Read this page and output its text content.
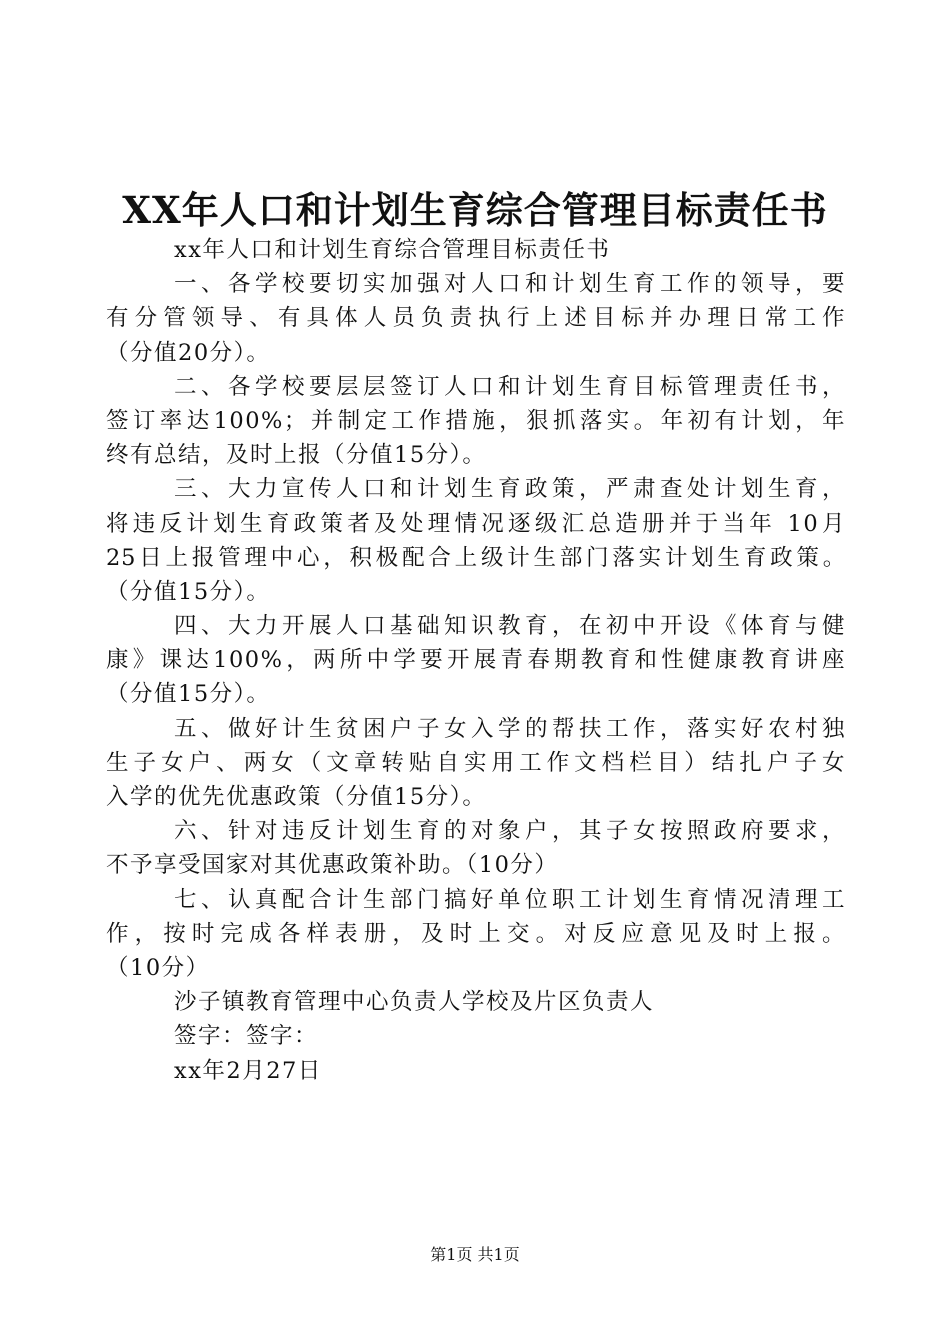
XX年人口和计划生育综合管理目标责任书
xx年人口和计划生育综合管理目标责任书
一、各学校要切实加强对人口和计划生育工作的领导，要
有分管领导、有具体人员负责执行上述目标并办理日常工作
（分值20分）。
二、各学校要层层签订人口和计划生育目标管理责任书，
签订率达100%；并制定工作措施，狠抓落实。年初有计划，年
终有总结，及时上报（分值15分）。
三、大力宣传人口和计划生育政策，严肃查处计划生育，
将违反计划生育政策者及处理情况逐级汇总造册并于当年 10月
25日上报管理中心，积极配合上级计生部门落实计划生育政策。
（分值15分）。
四、大力开展人口基础知识教育，在初中开设《体育与健
康》课达100%，两所中学要开展青春期教育和性健康教育讲座
（分值15分）。
五、做好计生贫困户子女入学的帮扶工作，落实好农村独
生子女户、两女（文章转贴自实用工作文档栏目）结扎户子女
入学的优先优惠政策（分值15分）。
六、针对违反计划生育的对象户，其子女按照政府要求，
不予享受国家对其优惠政策补助。（10分）
七、认真配合计生部门搞好单位职工计划生育情况清理工
作，按时完成各样表册，及时上交。对反应意见及时上报。
（10分）
沙子镇教育管理中心负责人学校及片区负责人
签字：签字：
xx年2月27日
第1页 共1页
